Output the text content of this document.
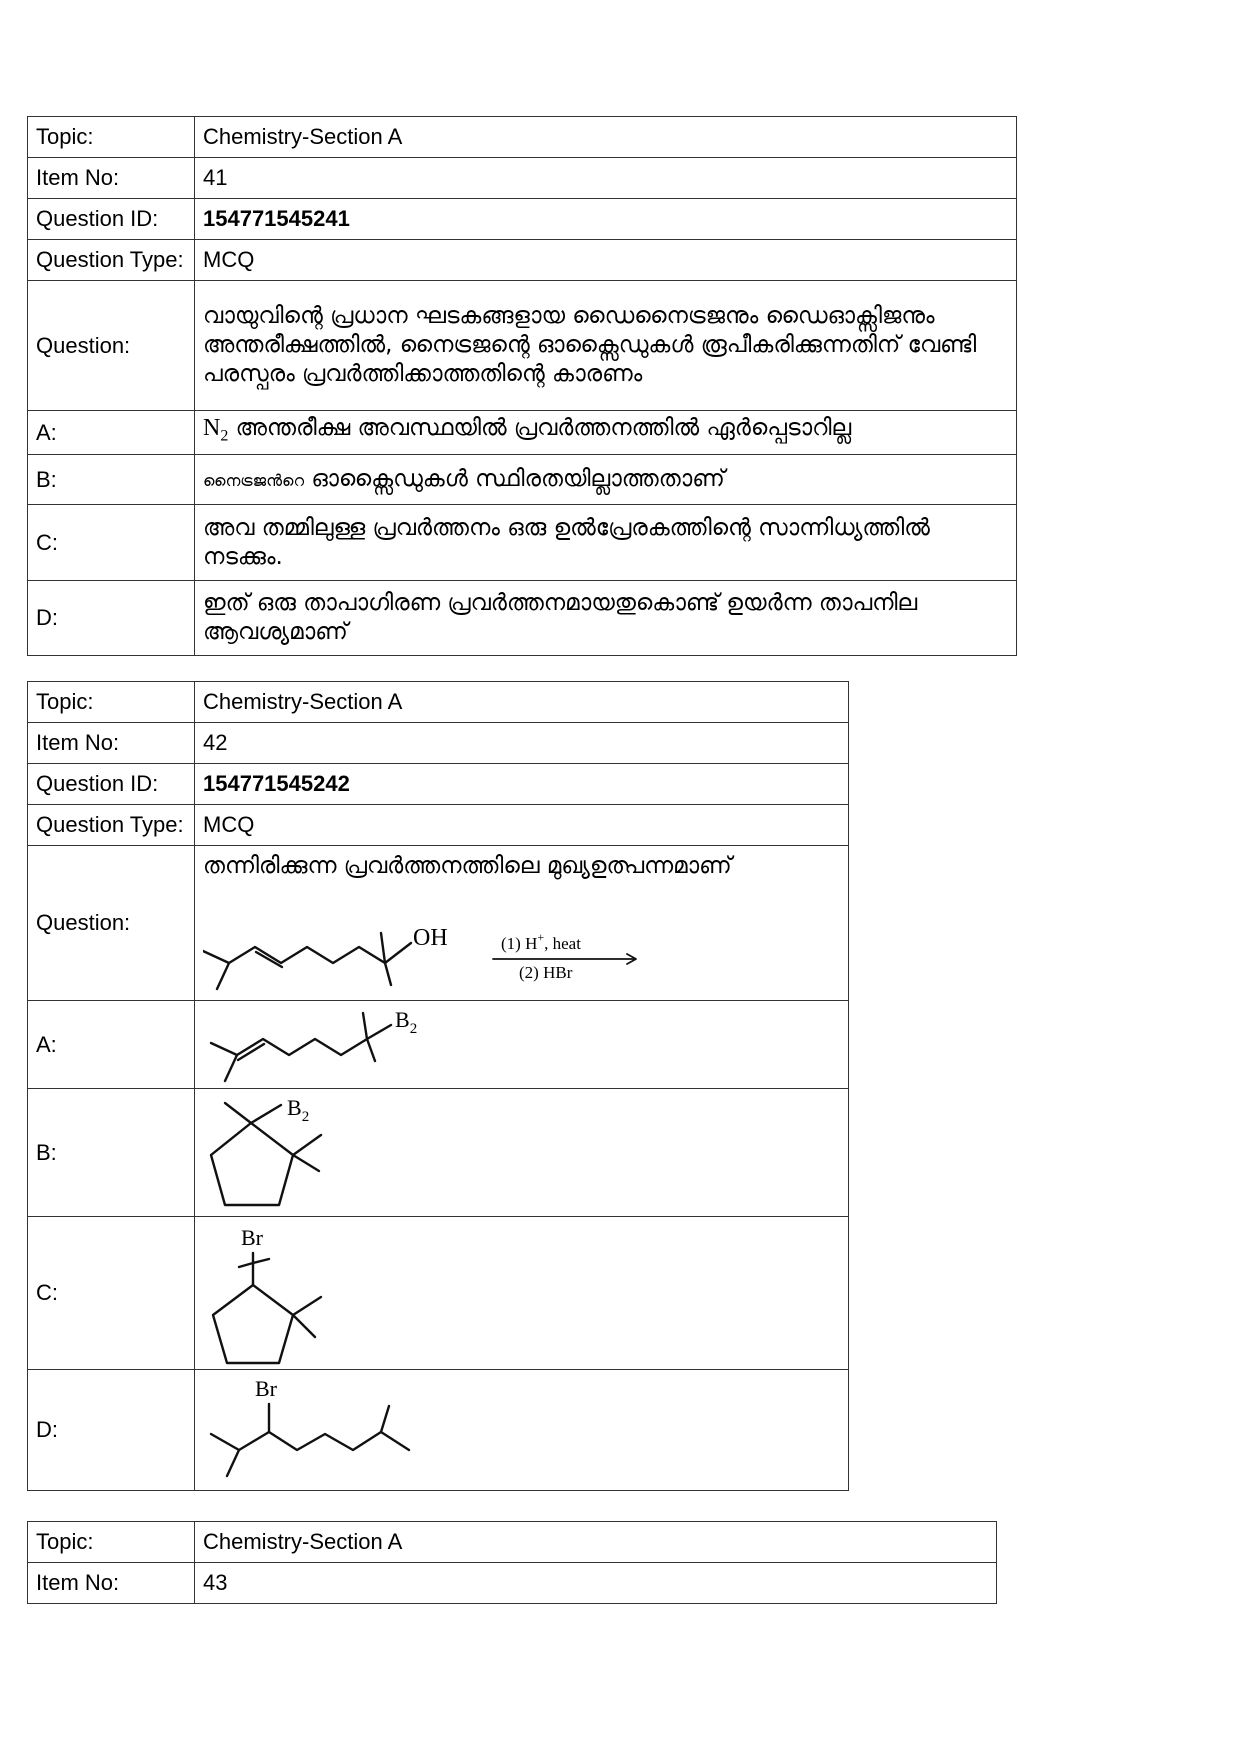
Topic:	Chemistry-Section A
Item No:	41
Question ID:	154771545241
Question Type:	MCQ
Question:	വായുവിന്റെ പ്രധാന ഘടകങ്ങളായ ഡൈനൈട്രജനും ഡൈഓക്സിജനും അന്തരീക്ഷത്തിൽ, നൈട്രജന്റെ ഓക്സൈഡുകൾ രൂപീകരിക്കുന്നതിന് വേണ്ടി പരസ്പരം പ്രവർത്തിക്കാത്തതിന്റെ കാരണം
A:	$N_2$ അന്തരീക്ഷ അവസ്ഥയിൽ പ്രവർത്തനത്തിൽ ഏർപ്പെടാറില്ല
B:	നൈട്രജൻറെ ഓക്സൈഡുകൾ സ്ഥിരതയില്ലാത്തതാണ്
C:	അവ തമ്മിലുള്ള പ്രവർത്തനം ഒരു ഉൽപ്രേരകത്തിന്റെ സാന്നിധ്യത്തിൽ നടക്കും.
D:	ഇത് ഒരു താപാഗിരണ പ്രവർത്തനമായതുകൊണ്ട് ഉയർന്ന താപനില ആവശ്യമാണ്
Topic:	Chemistry-Section A
Item No:	42
Question ID:	154771545242
Question Type:	MCQ
Question:	തന്നിരിക്കുന്ന പ്രവർത്തനത്തിലെ മുഖ്യഉത്പന്നമാണ്
OH (1) H+, heat
(2) HBr

A:	$B_2$

B:	$B_2$

C:	Br

D:	Br
Topic:	Chemistry-Section A
Item No:	43
